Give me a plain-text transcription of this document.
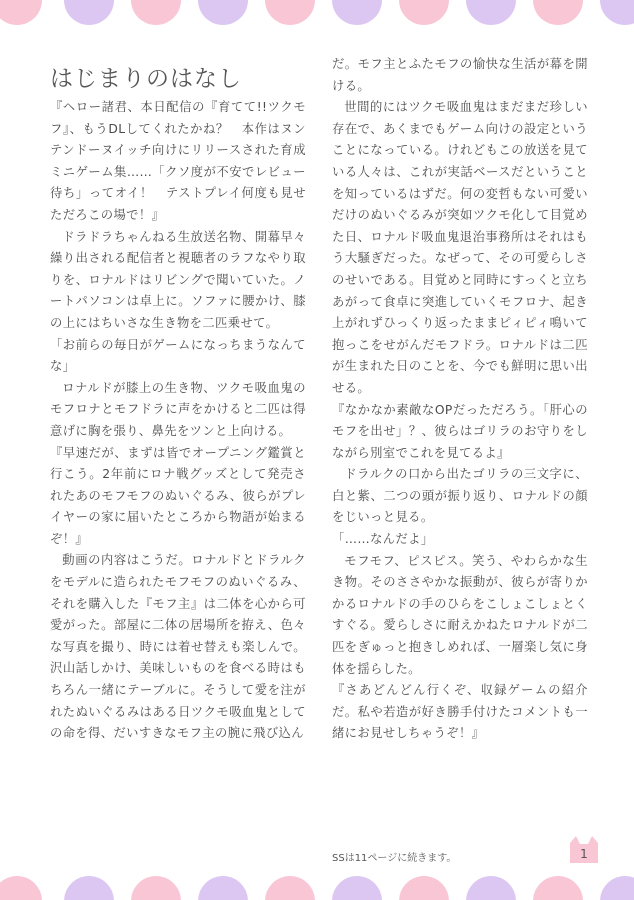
はじまりのはなし

『ヘロー諸君、本日配信の『育てて!!ツクモフ』、もうDLしてくれたかね？　本作はヌンテンドーヌイッチ向けにリリースされた育成ミニゲーム集……「クソ度が不安でレビュー待ち」ってオイ！　テストプレイ何度も見せただろこの場で！』

ドラドラちゃんねる生放送名物、開幕早々繰り出される配信者と視聴者のラフなやり取りを、ロナルドはリビングで聞いていた。ノートパソコンは卓上に。ソファに腰かけ、膝の上にはちいさな生き物を二匹乗せて。

「お前らの毎日がゲームになっちまうなんてな」

ロナルドが膝上の生き物、ツクモ吸血鬼のモフロナとモフドラに声をかけると二匹は得意げに胸を張り、鼻先をツンと上向ける。

『早速だが、まずは皆でオープニング鑑賞と行こう。2年前にロナ戦グッズとして発売されたあのモフモフのぬいぐるみ、彼らがプレイヤーの家に届いたところから物語が始まるぞ！』

動画の内容はこうだ。ロナルドとドラルクをモデルに造られたモフモフのぬいぐるみ、それを購入した『モフ主』は二体を心から可愛がった。部屋に二体の居場所を拵え、色々な写真を撮り、時には着せ替えも楽しんで。沢山話しかけ、美味しいものを食べる時はもちろん一緒にテーブルに。そうして愛を注がれたぬいぐるみはある日ツクモ吸血鬼としての命を得、だいすきなモフ主の腕に飛び込ん

だ。モフ主とふたモフの愉快な生活が幕を開ける。

世間的にはツクモ吸血鬼はまだまだ珍しい存在で、あくまでもゲーム向けの設定ということになっている。けれどもこの放送を見ている人々は、これが実話ベースだということを知っているはずだ。何の変哲もない可愛いだけのぬいぐるみが突如ツクモ化して目覚めた日、ロナルド吸血鬼退治事務所はそれはもう大騒ぎだった。なぜって、その可愛らしさのせいである。目覚めと同時にすっくと立ちあがって食卓に突進していくモフロナ、起き上がれずひっくり返ったままピィピィ鳴いて抱っこをせがんだモフドラ。ロナルドは二匹が生まれた日のことを、今でも鮮明に思い出せる。

『なかなか素敵なOPだっただろう。「肝心のモフを出せ」？、彼らはゴリラのお守りをしながら別室でこれを見てるよ』

ドラルクの口から出たゴリラの三文字に、白と紫、二つの頭が振り返り、ロナルドの顔をじいっと見る。

「……なんだよ」

モフモフ、ピスピス。笑う、やわらかな生き物。そのささやかな振動が、彼らが寄りかかるロナルドの手のひらをこしょこしょとくすぐる。愛らしさに耐えかねたロナルドが二匹をぎゅっと抱きしめれば、一層楽し気に身体を揺らした。

『さあどんどん行くぞ、収録ゲームの紹介だ。私や若造が好き勝手付けたコメントも一緒にお見せしちゃうぞ！』

SSは11ページに続きます。	1
